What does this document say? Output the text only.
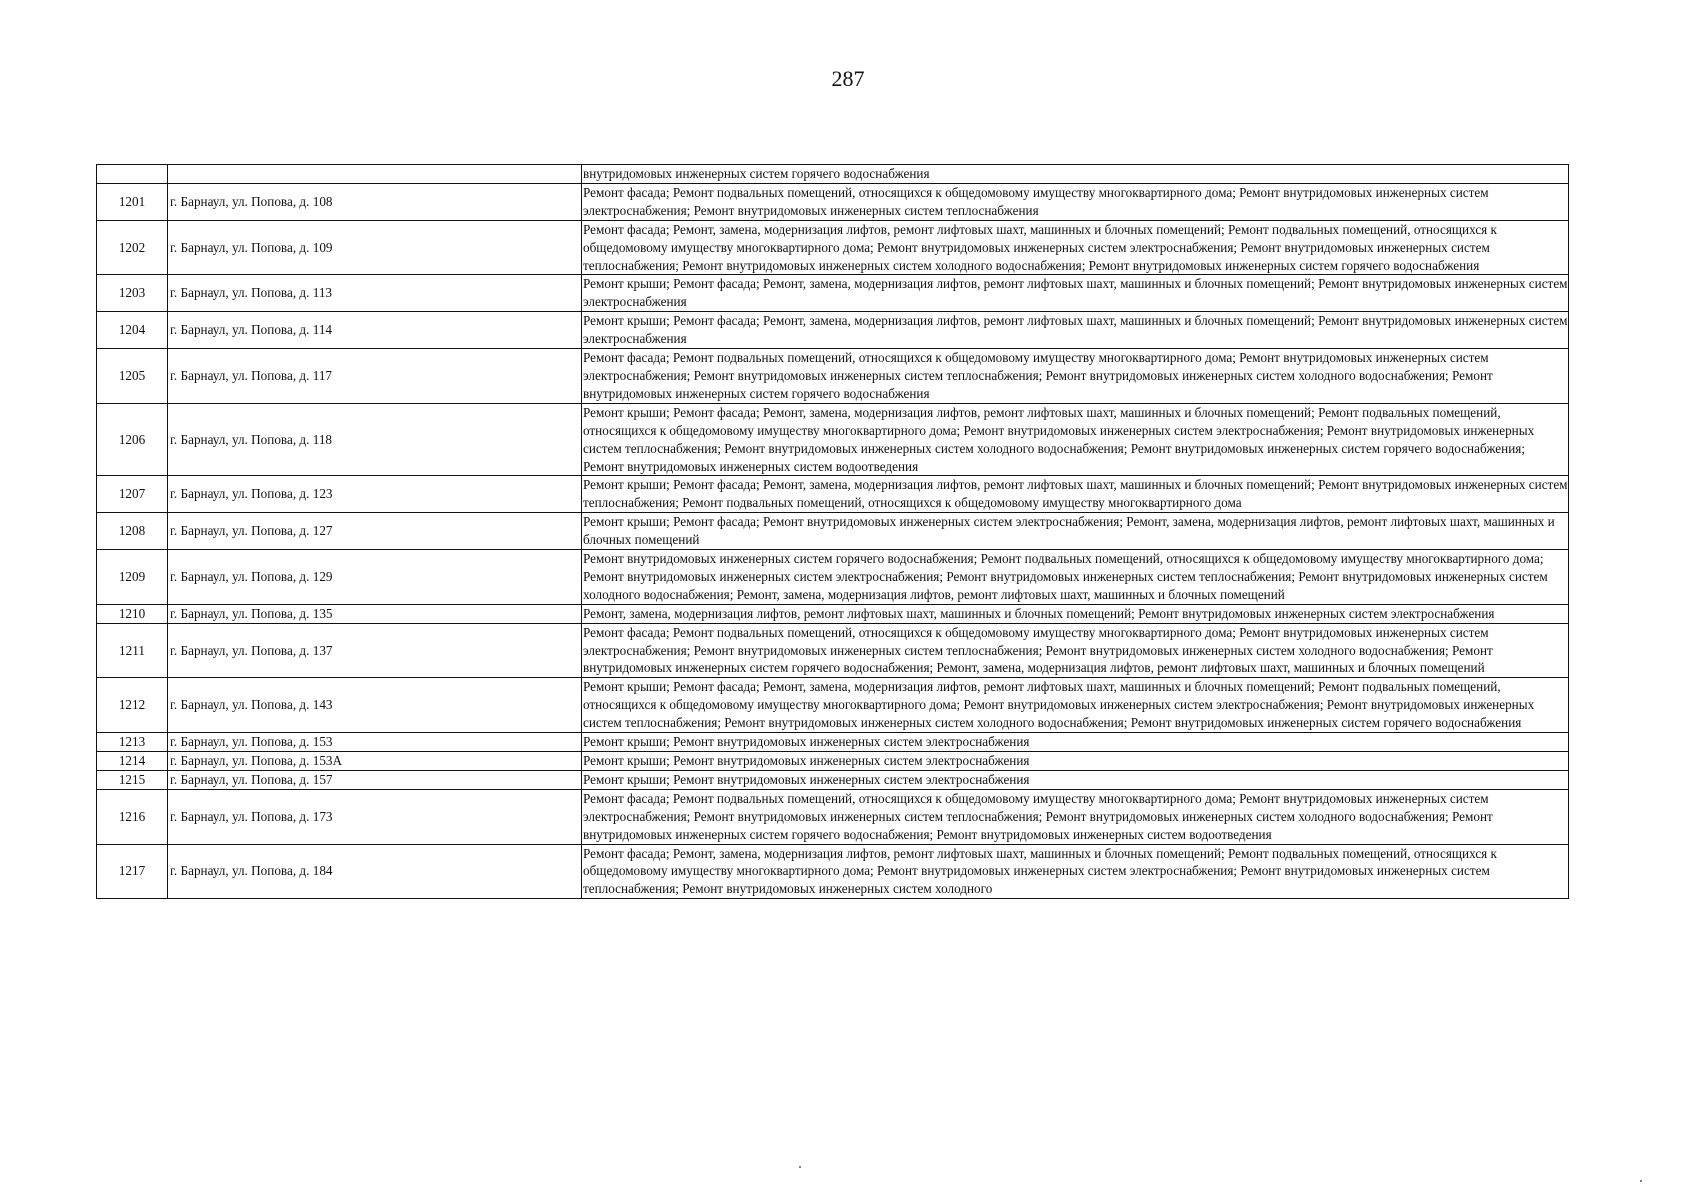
287
		внутридомовых инженерных систем горячего водоснабжения
1201	г. Барнаул, ул. Попова, д. 108	Ремонт фасада; Ремонт подвальных помещений, относящихся к общедомовому имуществу многоквартирного дома; Ремонт внутридомовых инженерных систем электроснабжения; Ремонт внутридомовых инженерных систем теплоснабжения
1202	г. Барнаул, ул. Попова, д. 109	Ремонт фасада; Ремонт, замена, модернизация лифтов, ремонт лифтовых шахт, машинных и блочных помещений; Ремонт подвальных помещений, относящихся к общедомовому имуществу многоквартирного дома; Ремонт внутридомовых инженерных систем электроснабжения; Ремонт внутридомовых инженерных систем теплоснабжения; Ремонт внутридомовых инженерных систем холодного водоснабжения; Ремонт внутридомовых инженерных систем горячего водоснабжения
1203	г. Барнаул, ул. Попова, д. 113	Ремонт крыши; Ремонт фасада; Ремонт, замена, модернизация лифтов, ремонт лифтовых шахт, машинных и блочных помещений; Ремонт внутридомовых инженерных систем электроснабжения
1204	г. Барнаул, ул. Попова, д. 114	Ремонт крыши; Ремонт фасада; Ремонт, замена, модернизация лифтов, ремонт лифтовых шахт, машинных и блочных помещений; Ремонт внутридомовых инженерных систем электроснабжения
1205	г. Барнаул, ул. Попова, д. 117	Ремонт фасада; Ремонт подвальных помещений, относящихся к общедомовому имуществу многоквартирного дома; Ремонт внутридомовых инженерных систем электроснабжения; Ремонт внутридомовых инженерных систем теплоснабжения; Ремонт внутридомовых инженерных систем холодного водоснабжения; Ремонт внутридомовых инженерных систем горячего водоснабжения
1206	г. Барнаул, ул. Попова, д. 118	Ремонт крыши; Ремонт фасада; Ремонт, замена, модернизация лифтов, ремонт лифтовых шахт, машинных и блочных помещений; Ремонт подвальных помещений, относящихся к общедомовому имуществу многоквартирного дома; Ремонт внутридомовых инженерных систем электроснабжения; Ремонт внутридомовых инженерных систем теплоснабжения; Ремонт внутридомовых инженерных систем холодного водоснабжения; Ремонт внутридомовых инженерных систем горячего водоснабжения; Ремонт внутридомовых инженерных систем водоотведения
1207	г. Барнаул, ул. Попова, д. 123	Ремонт крыши; Ремонт фасада; Ремонт, замена, модернизация лифтов, ремонт лифтовых шахт, машинных и блочных помещений; Ремонт внутридомовых инженерных систем теплоснабжения; Ремонт подвальных помещений, относящихся к общедомовому имуществу многоквартирного дома
1208	г. Барнаул, ул. Попова, д. 127	Ремонт крыши; Ремонт фасада; Ремонт внутридомовых инженерных систем электроснабжения; Ремонт, замена, модернизация лифтов, ремонт лифтовых шахт, машинных и блочных помещений
1209	г. Барнаул, ул. Попова, д. 129	Ремонт внутридомовых инженерных систем горячего водоснабжения; Ремонт подвальных помещений, относящихся к общедомовому имуществу многоквартирного дома; Ремонт внутридомовых инженерных систем электроснабжения; Ремонт внутридомовых инженерных систем теплоснабжения; Ремонт внутридомовых инженерных систем холодного водоснабжения; Ремонт, замена, модернизация лифтов, ремонт лифтовых шахт, машинных и блочных помещений
1210	г. Барнаул, ул. Попова, д. 135	Ремонт, замена, модернизация лифтов, ремонт лифтовых шахт, машинных и блочных помещений; Ремонт внутридомовых инженерных систем электроснабжения
1211	г. Барнаул, ул. Попова, д. 137	Ремонт фасада; Ремонт подвальных помещений, относящихся к общедомовому имуществу многоквартирного дома; Ремонт внутридомовых инженерных систем электроснабжения; Ремонт внутридомовых инженерных систем теплоснабжения; Ремонт внутридомовых инженерных систем холодного водоснабжения; Ремонт внутридомовых инженерных систем горячего водоснабжения; Ремонт, замена, модернизация лифтов, ремонт лифтовых шахт, машинных и блочных помещений
1212	г. Барнаул, ул. Попова, д. 143	Ремонт крыши; Ремонт фасада; Ремонт, замена, модернизация лифтов, ремонт лифтовых шахт, машинных и блочных помещений; Ремонт подвальных помещений, относящихся к общедомовому имуществу многоквартирного дома; Ремонт внутридомовых инженерных систем электроснабжения; Ремонт внутридомовых инженерных систем теплоснабжения; Ремонт внутридомовых инженерных систем холодного водоснабжения; Ремонт внутридомовых инженерных систем горячего водоснабжения
1213	г. Барнаул, ул. Попова, д. 153	Ремонт крыши; Ремонт внутридомовых инженерных систем электроснабжения
1214	г. Барнаул, ул. Попова, д. 153А	Ремонт крыши; Ремонт внутридомовых инженерных систем электроснабжения
1215	г. Барнаул, ул. Попова, д. 157	Ремонт крыши; Ремонт внутридомовых инженерных систем электроснабжения
1216	г. Барнаул, ул. Попова, д. 173	Ремонт фасада; Ремонт подвальных помещений, относящихся к общедомовому имуществу многоквартирного дома; Ремонт внутридомовых инженерных систем электроснабжения; Ремонт внутридомовых инженерных систем теплоснабжения; Ремонт внутридомовых инженерных систем холодного водоснабжения; Ремонт внутридомовых инженерных систем горячего водоснабжения; Ремонт внутридомовых инженерных систем водоотведения
1217	г. Барнаул, ул. Попова, д. 184	Ремонт фасада; Ремонт, замена, модернизация лифтов, ремонт лифтовых шахт, машинных и блочных помещений; Ремонт подвальных помещений, относящихся к общедомовому имуществу многоквартирного дома; Ремонт внутридомовых инженерных систем электроснабжения; Ремонт внутридомовых инженерных систем теплоснабжения; Ремонт внутридомовых инженерных систем холодного
